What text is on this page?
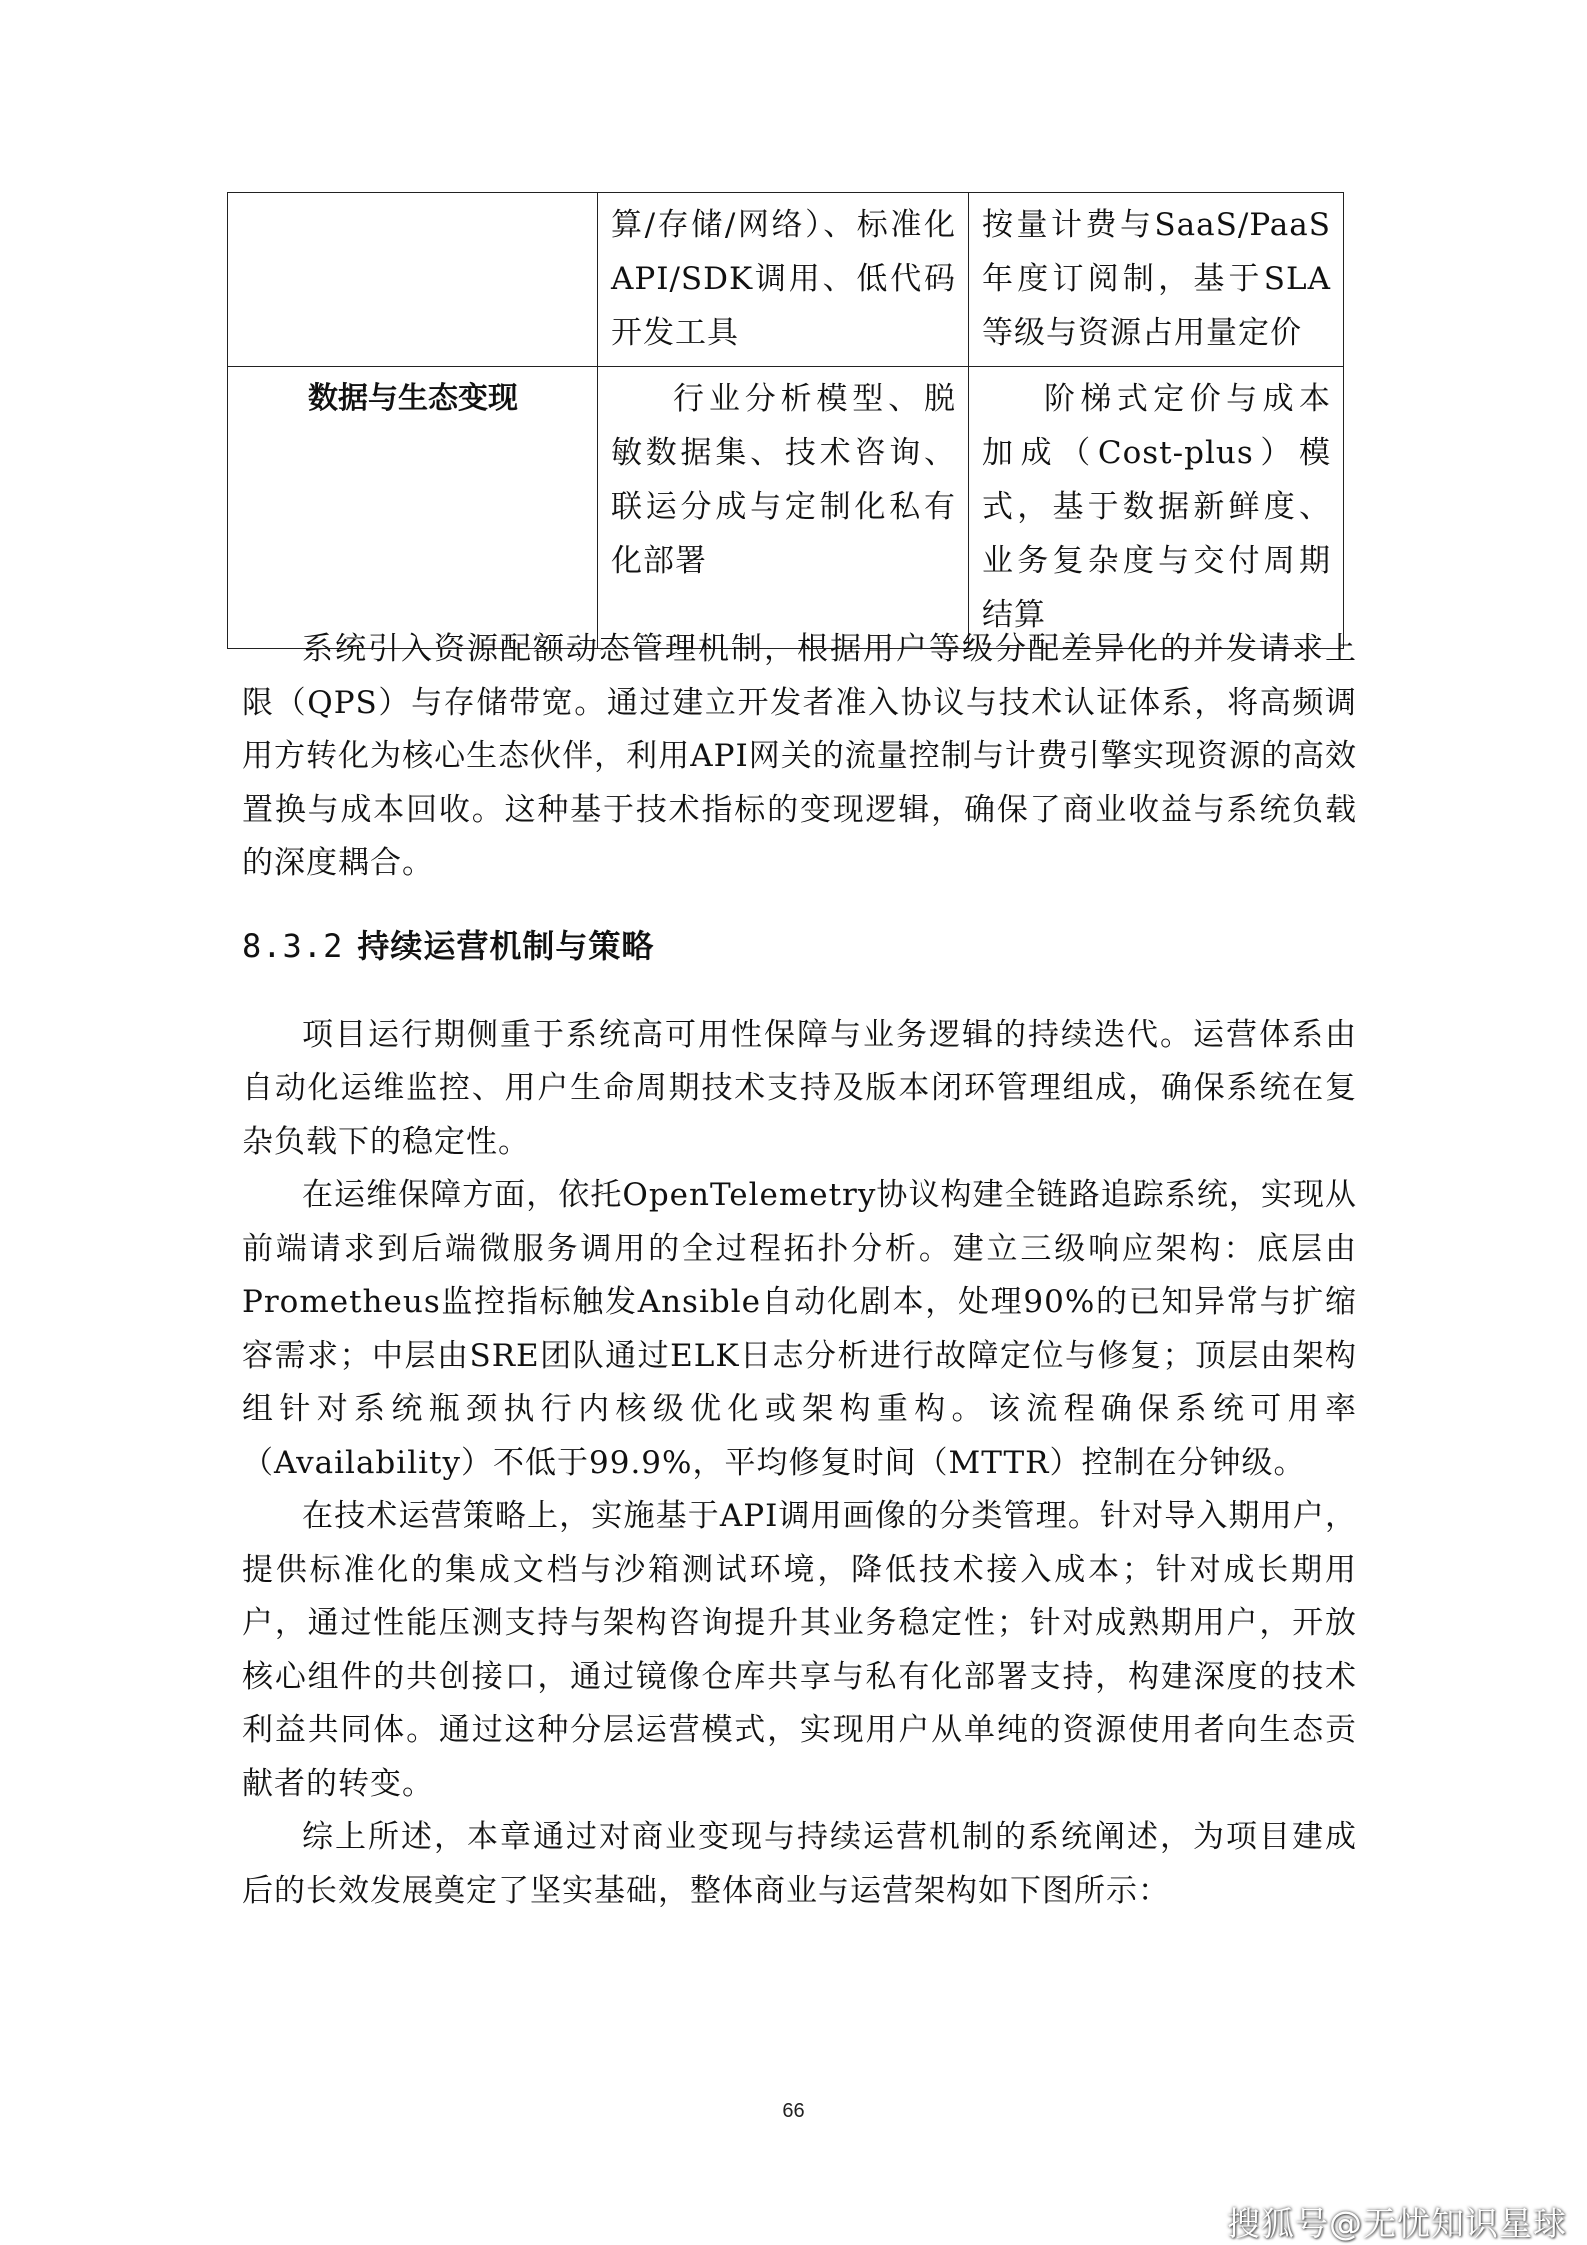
	算/存储/网络）、标准化API/SDK调用、低代码开发工具	按量计费与SaaS/PaaS年度订阅制，基于SLA等级与资源占用量定价
数据与生态变现	行业分析模型、脱敏数据集、技术咨询、联运分成与定制化私有化部署	阶梯式定价与成本加成（Cost-plus）模式，基于数据新鲜度、业务复杂度与交付周期结算

系统引入资源配额动态管理机制，根据用户等级分配差异化的并发请求上限（QPS）与存储带宽。通过建立开发者准入协议与技术认证体系，将高频调用方转化为核心生态伙伴，利用API网关的流量控制与计费引擎实现资源的高效置换与成本回收。这种基于技术指标的变现逻辑，确保了商业收益与系统负载的深度耦合。

8.3.2 持续运营机制与策略

项目运行期侧重于系统高可用性保障与业务逻辑的持续迭代。运营体系由自动化运维监控、用户生命周期技术支持及版本闭环管理组成，确保系统在复杂负载下的稳定性。

在运维保障方面，依托OpenTelemetry协议构建全链路追踪系统，实现从前端请求到后端微服务调用的全过程拓扑分析。建立三级响应架构：底层由Prometheus监控指标触发Ansible自动化剧本，处理90%的已知异常与扩缩容需求；中层由SRE团队通过ELK日志分析进行故障定位与修复；顶层由架构组针对系统瓶颈执行内核级优化或架构重构。该流程确保系统可用率（Availability）不低于99.9%，平均修复时间（MTTR）控制在分钟级。

在技术运营策略上，实施基于API调用画像的分类管理。针对导入期用户，提供标准化的集成文档与沙箱测试环境，降低技术接入成本；针对成长期用户，通过性能压测支持与架构咨询提升其业务稳定性；针对成熟期用户，开放核心组件的共创接口，通过镜像仓库共享与私有化部署支持，构建深度的技术利益共同体。通过这种分层运营模式，实现用户从单纯的资源使用者向生态贡献者的转变。

综上所述，本章通过对商业变现与持续运营机制的系统阐述，为项目建成后的长效发展奠定了坚实基础，整体商业与运营架构如下图所示：

66
搜狐号@无忧知识星球
